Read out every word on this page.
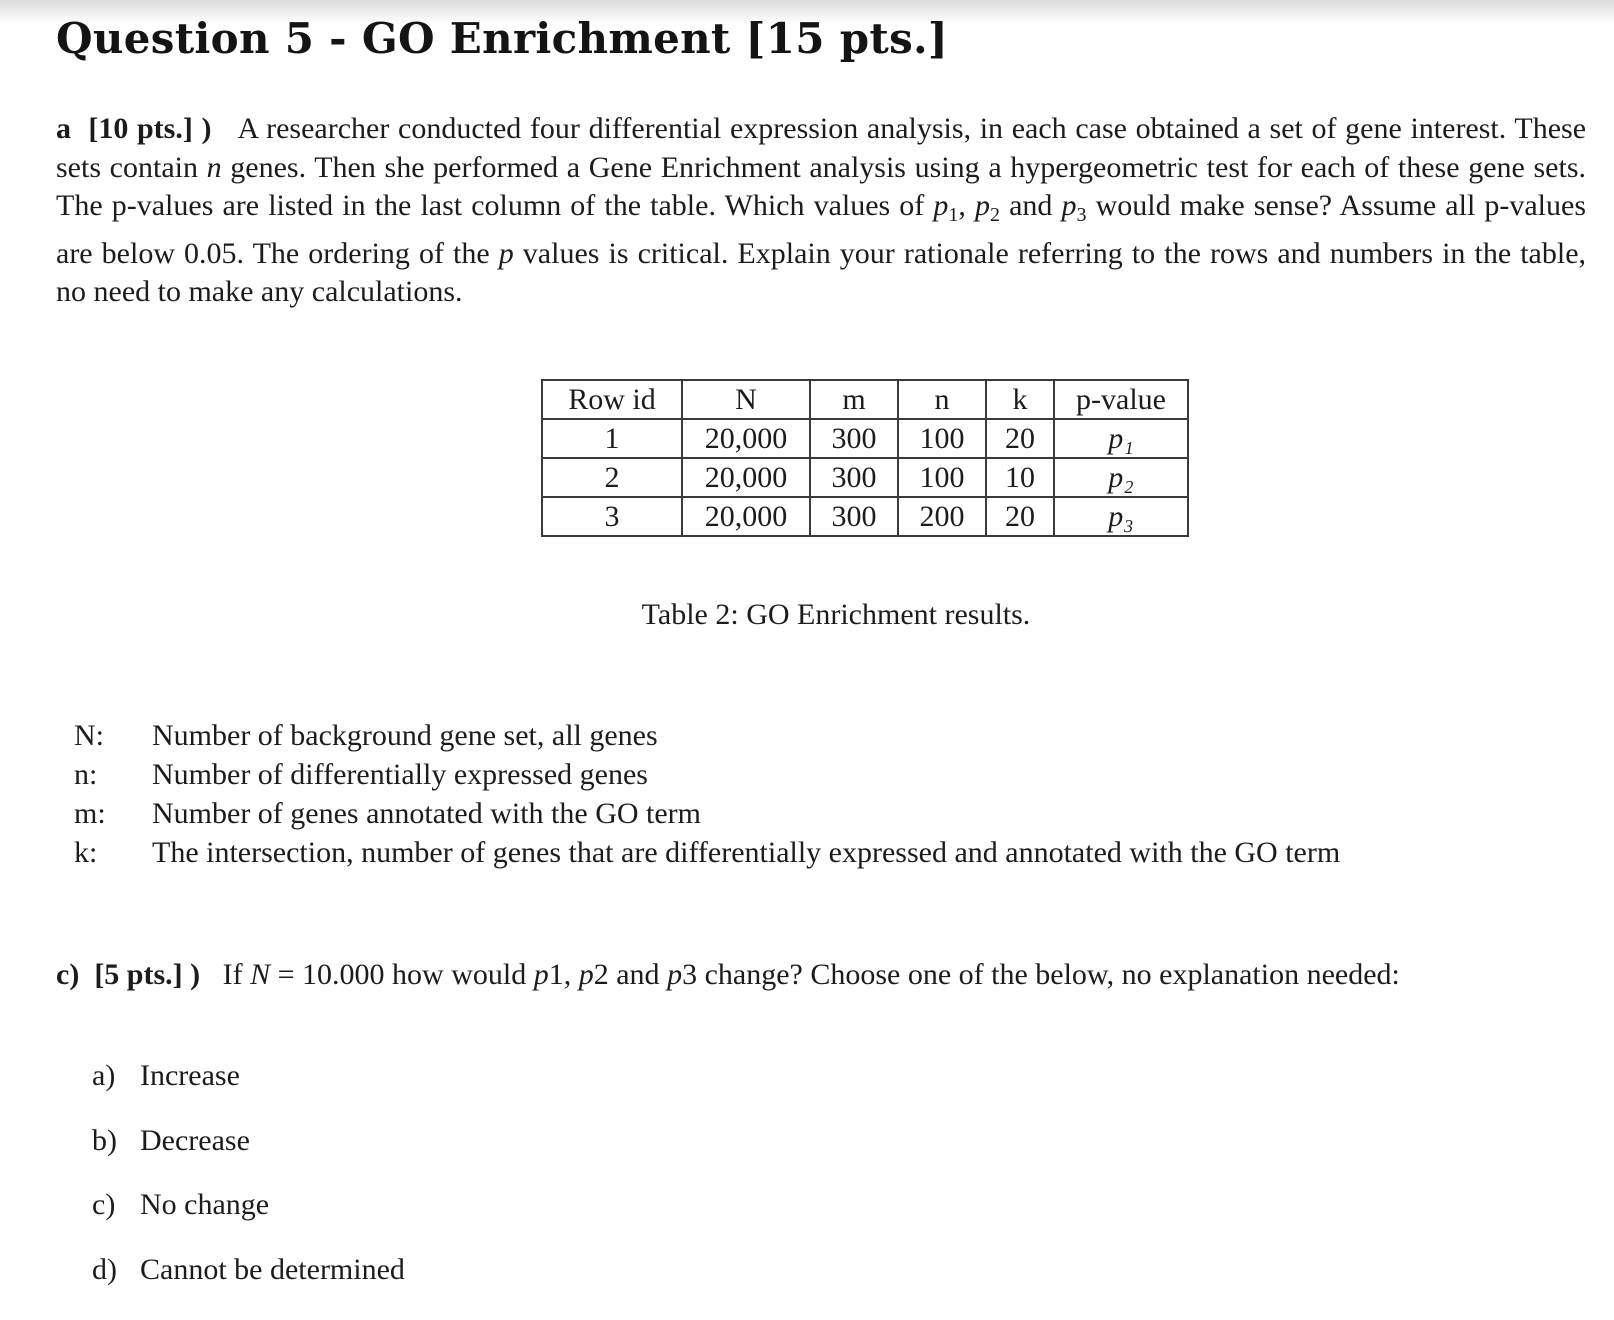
Question 5 - GO Enrichment [15 pts.]

a [10 pts.] ) A researcher conducted four differential expression analysis, in each case obtained a set of gene interest. These sets contain n genes. Then she performed a Gene Enrichment analysis using a hypergeometric test for each of these gene sets. The p-values are listed in the last column of the table. Which values of $p_1$, $p_2$ and $p_3$ would make sense? Assume all p-values are below 0.05. The ordering of the p values is critical. Explain your rationale referring to the rows and numbers in the table, no need to make any calculations.

Row id	N	m	n	k	p-value
1	20,000	300	100	20	p₁
2	20,000	300	100	10	p₂
3	20,000	300	200	20	p₃
Table 2: GO Enrichment results.
N: Number of background gene set, all genes
n: Number of differentially expressed genes
m: Number of genes annotated with the GO term
k: The intersection, number of genes that are differentially expressed and annotated with the GO term

c) [5 pts.] ) If N = 10.000 how would p1, p2 and p3 change? Choose one of the below, no explanation needed:

a) Increase
b) Decrease
c) No change
d) Cannot be determined
